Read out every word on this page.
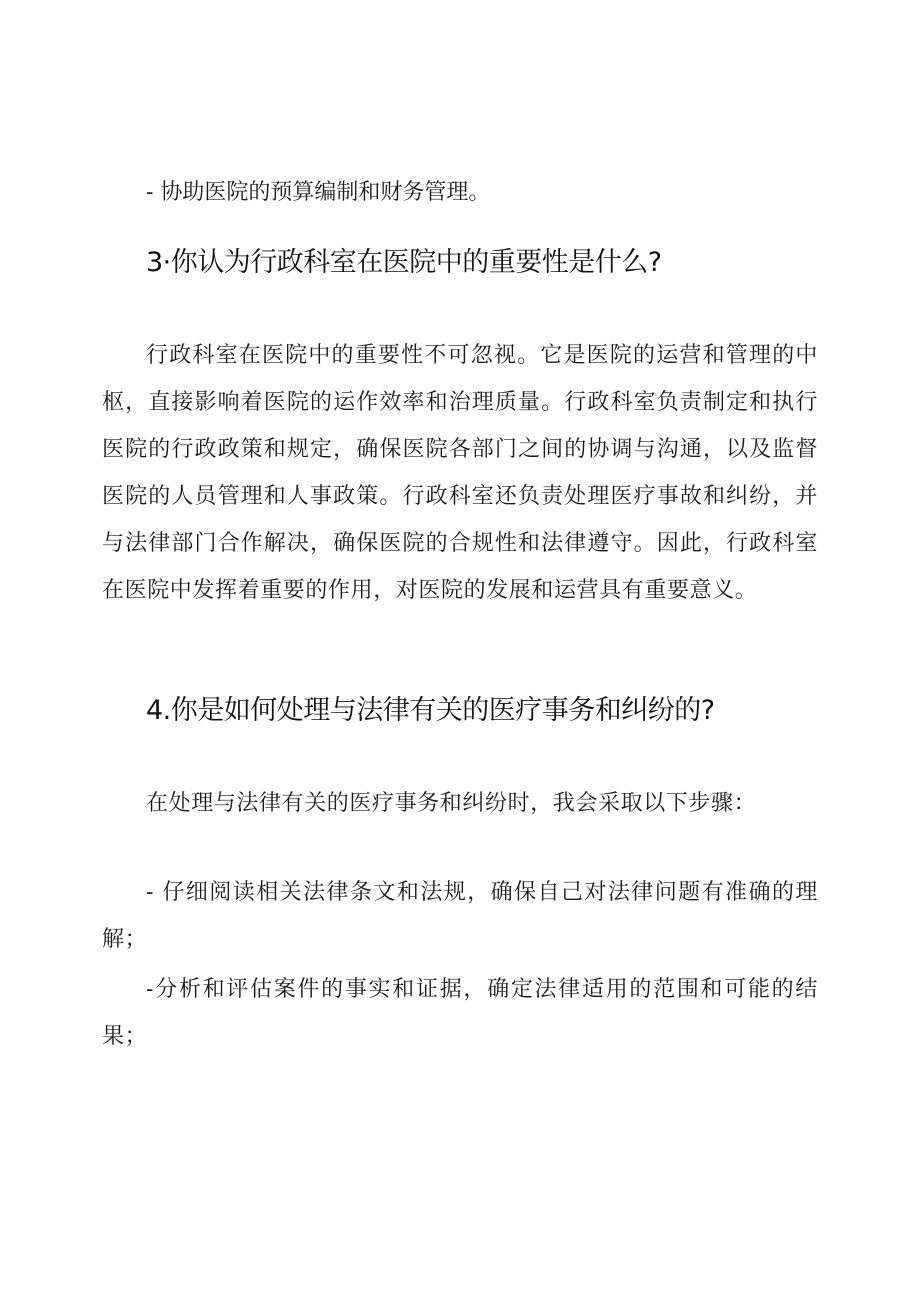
- 协助医院的预算编制和财务管理。

3·你认为行政科室在医院中的重要性是什么?

行政科室在医院中的重要性不可忽视。它是医院的运营和管理的中枢，直接影响着医院的运作效率和治理质量。行政科室负责制定和执行医院的行政政策和规定，确保医院各部门之间的协调与沟通，以及监督医院的人员管理和人事政策。行政科室还负责处理医疗事故和纠纷，并与法律部门合作解决，确保医院的合规性和法律遵守。因此，行政科室在医院中发挥着重要的作用，对医院的发展和运营具有重要意义。

4.你是如何处理与法律有关的医疗事务和纠纷的?

在处理与法律有关的医疗事务和纠纷时，我会采取以下步骤：

- 仔细阅读相关法律条文和法规，确保自己对法律问题有准确的理解；

-分析和评估案件的事实和证据，确定法律适用的范围和可能的结果；
